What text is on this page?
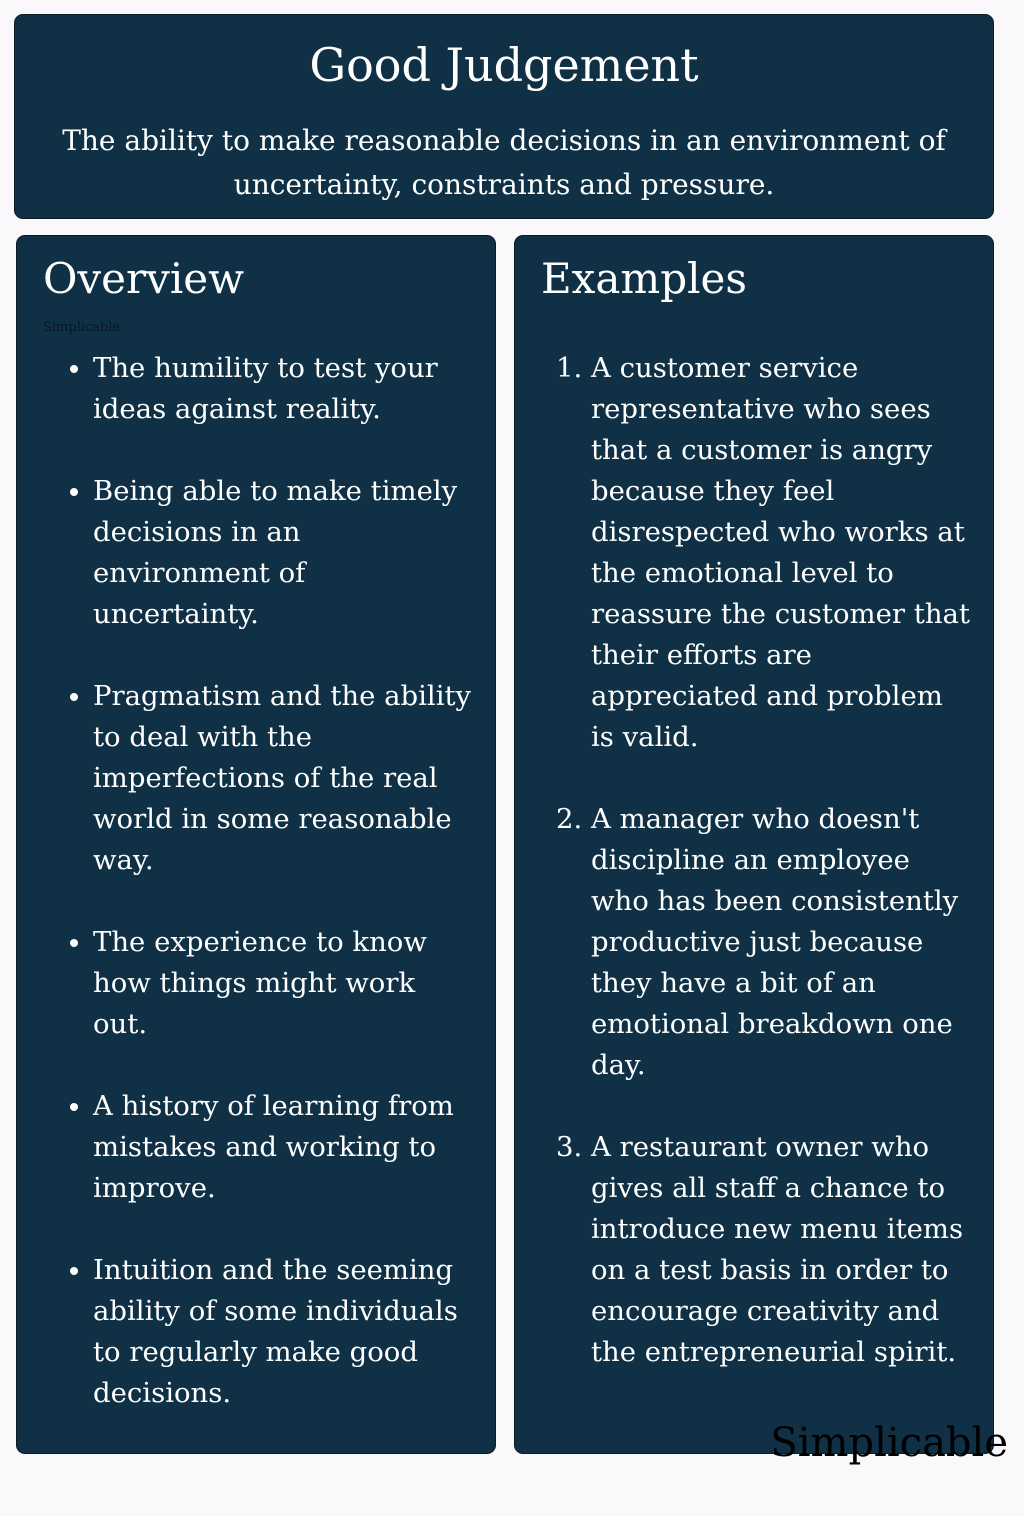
Good Judgement

The ability to make reasonable decisions in an environment of uncertainty, constraints and pressure.

Overview
Simplicable
• The humility to test your ideas against reality.
• Being able to make timely decisions in an environment of uncertainty.
• Pragmatism and the ability to deal with the imperfections of the real world in some reasonable way.
• The experience to know how things might work out.
• A history of learning from mistakes and working to improve.
• Intuition and the seeming ability of some individuals to regularly make good decisions.
Examples
1. A customer service representative who sees that a customer is angry because they feel disrespected who works at the emotional level to reassure the customer that their efforts are appreciated and problem is valid.
2. A manager who doesn't discipline an employee who has been consistently productive just because they have a bit of an emotional breakdown one day.
3. A restaurant owner who gives all staff a chance to introduce new menu items on a test basis in order to encourage creativity and the entrepreneurial spirit.
Simplicable
